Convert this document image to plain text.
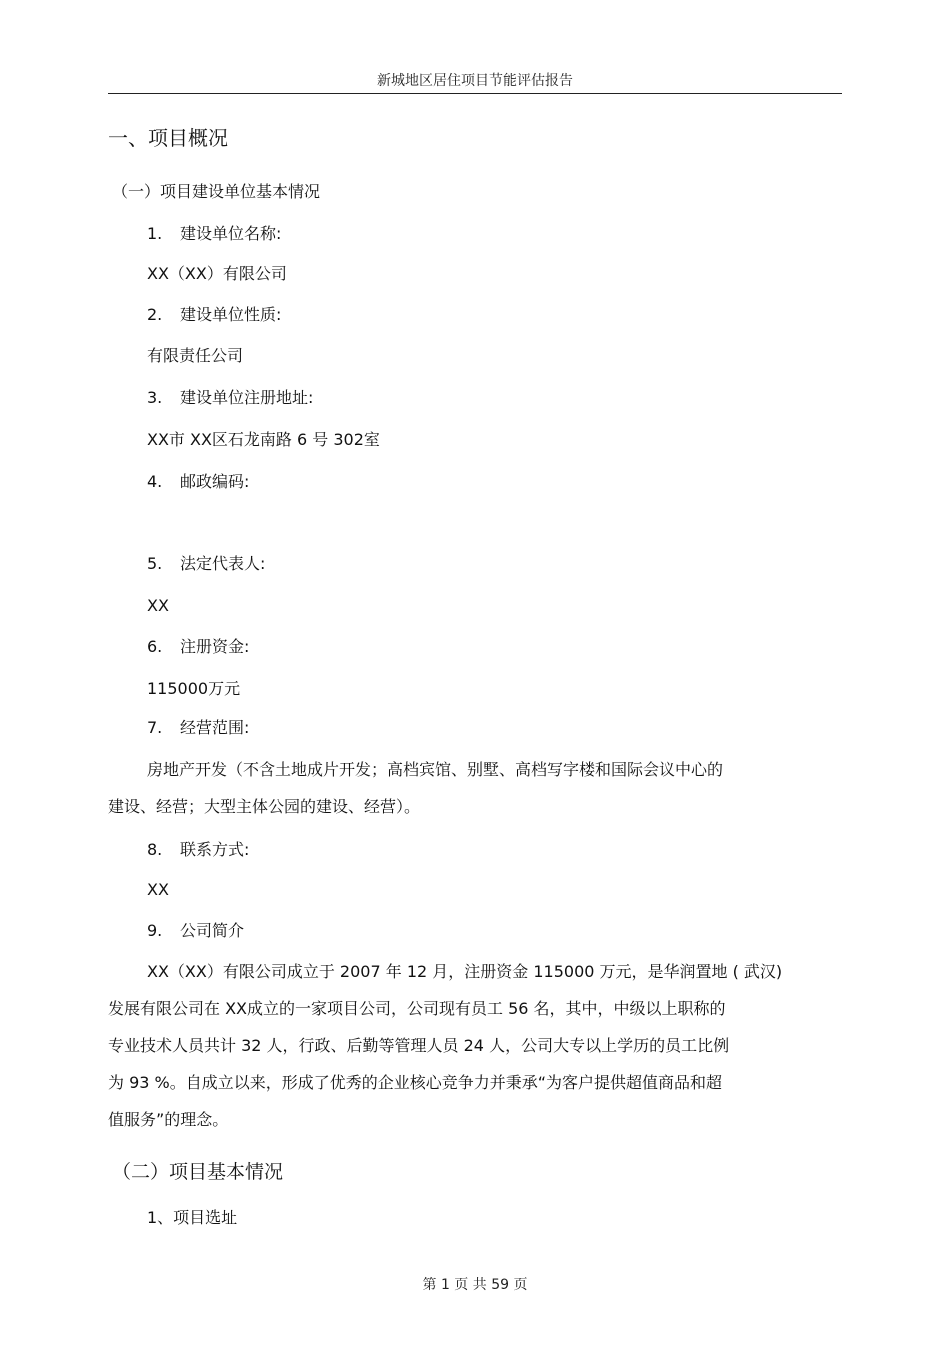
新城地区居住项目节能评估报告
一、项目概况
（一）项目建设单位基本情况
1. 建设单位名称:
XX（XX）有限公司
2. 建设单位性质:
有限责任公司
3. 建设单位注册地址:
XX市 XX区石龙南路 6 号 302室
4. 邮政编码:
5. 法定代表人:
XX
6. 注册资金:
115000万元
7. 经营范围:
房地产开发（不含土地成片开发；高档宾馆、别墅、高档写字楼和国际会议中心的
建设、经营；大型主体公园的建设、经营）。
8. 联系方式:
XX
9. 公司简介
XX（XX）有限公司成立于 2007 年 12 月，注册资金 115000 万元，是华润置地 ( 武汉)
发展有限公司在 XX成立的一家项目公司，公司现有员工 56 名，其中，中级以上职称的
专业技术人员共计 32 人，行政、后勤等管理人员 24 人，公司大专以上学历的员工比例
为 93 %。自成立以来，形成了优秀的企业核心竞争力并秉承“为客户提供超值商品和超
值服务”的理念。
（二）项目基本情况
1、项目选址
第 1 页 共 59 页
